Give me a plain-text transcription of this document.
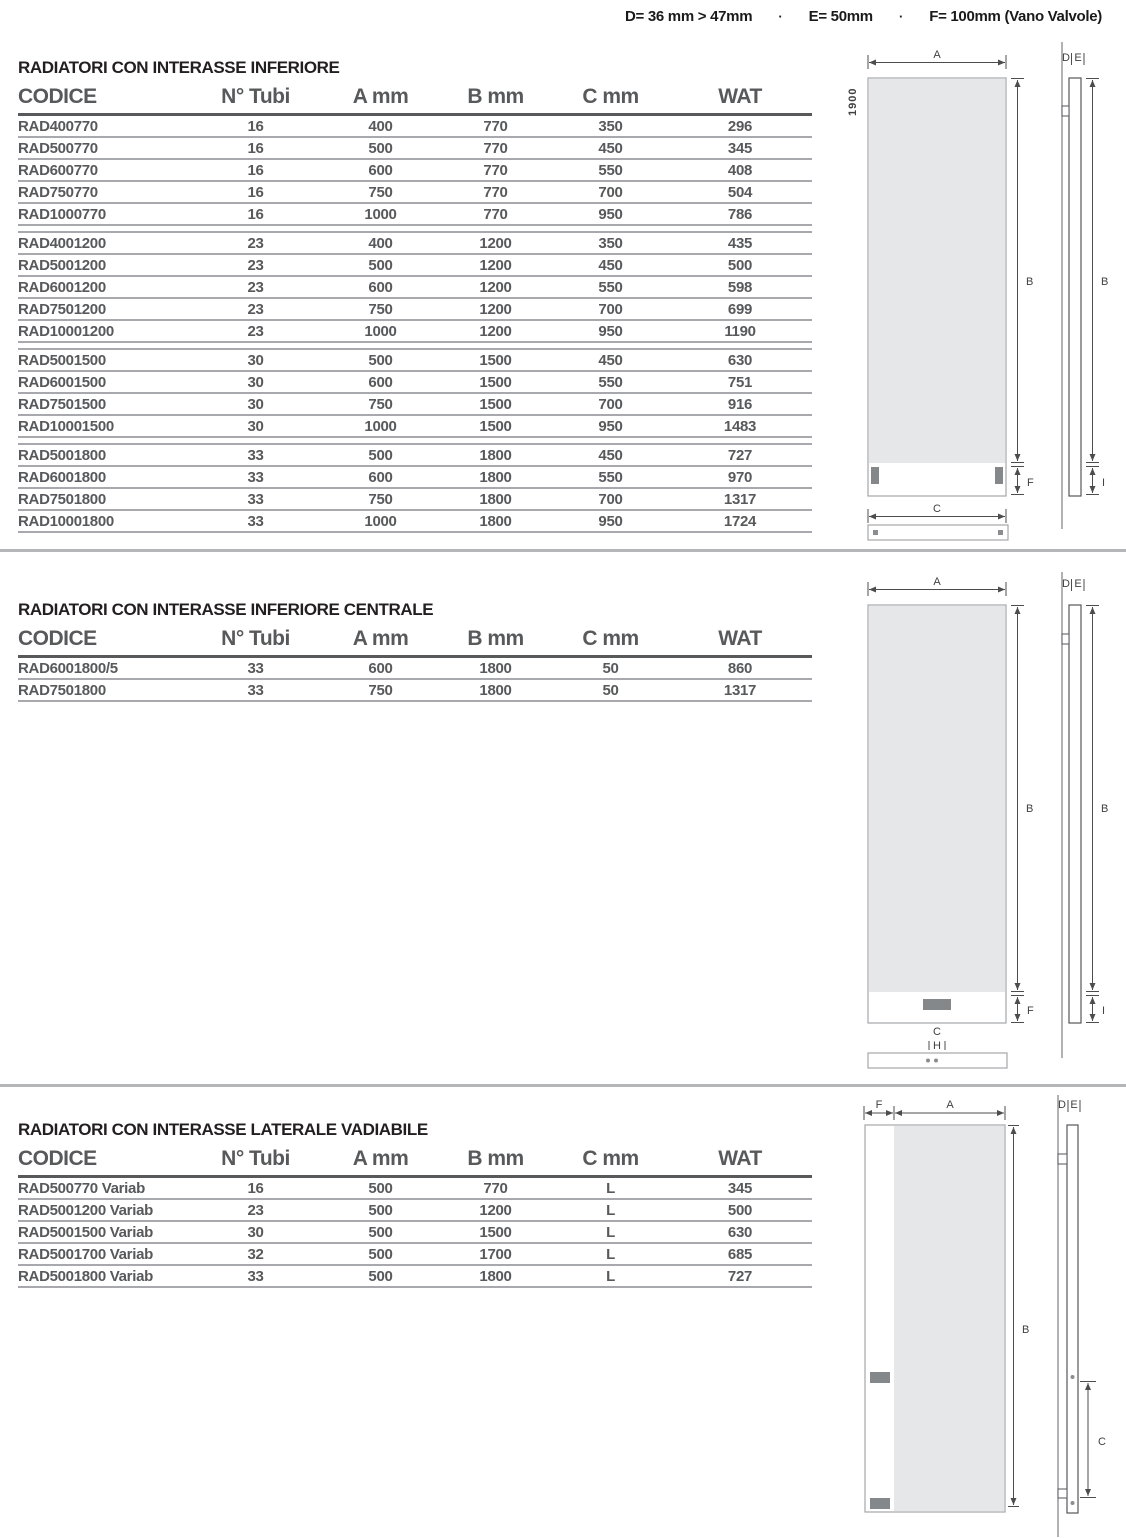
D= 36 mm > 47mm · E= 50mm · F= 100mm (Vano Valvole)
RADIATORI CON INTERASSE INFERIORE
CODICE	N° Tubi	A mm	B mm	C mm	WAT
RAD400770	16	400	770	350	296
RAD500770	16	500	770	450	345
RAD600770	16	600	770	550	408
RAD750770	16	750	770	700	504
RAD1000770	16	1000	770	950	786
RAD4001200	23	400	1200	350	435
RAD5001200	23	500	1200	450	500
RAD6001200	23	600	1200	550	598
RAD7501200	23	750	1200	700	699
RAD10001200	23	1000	1200	950	1190
RAD5001500	30	500	1500	450	630
RAD6001500	30	600	1500	550	751
RAD7501500	30	750	1500	700	916
RAD10001500	30	1000	1500	950	1483
RAD5001800	33	500	1800	450	727
RAD6001800	33	600	1800	550	970
RAD7501800	33	750	1800	700	1317
RAD10001800	33	1000	1800	950	1724
1900
A
B
F
C
D E
B
I
RADIATORI CON INTERASSE INFERIORE CENTRALE
CODICE	N° Tubi	A mm	B mm	C mm	WAT
RAD6001800/5	33	600	1800	50	860
RAD7501800	33	750	1800	50	1317
A
B
F
C
H
D E
B
I
RADIATORI CON INTERASSE LATERALE VADIABILE
CODICE	N° Tubi	A mm	B mm	C mm	WAT
RAD500770 Variab	16	500	770	L	345
RAD5001200 Variab	23	500	1200	L	500
RAD5001500 Variab	30	500	1500	L	630
RAD5001700 Variab	32	500	1700	L	685
RAD5001800 Variab	33	500	1800	L	727
F	A
B
D E
C
